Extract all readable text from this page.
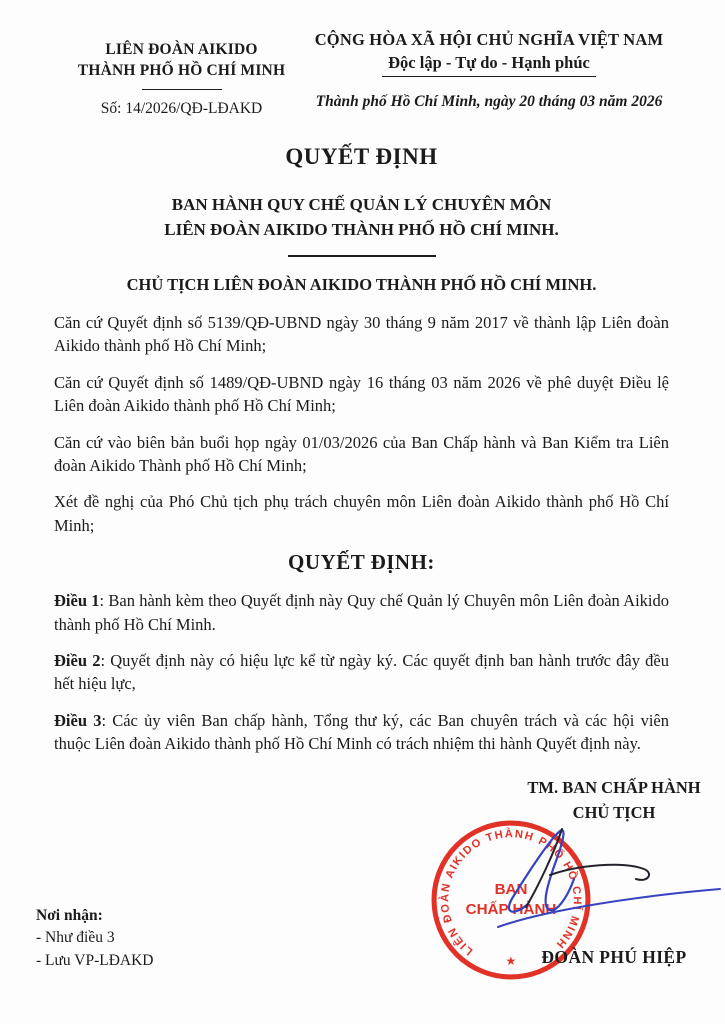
LIÊN ĐOÀN AIKIDO
THÀNH PHỐ HỒ CHÍ MINH
Số: 14/2026/QĐ-LĐAKD
CỘNG HÒA XÃ HỘI CHỦ NGHĨA VIỆT NAM
Độc lập - Tự do - Hạnh phúc
Thành phố Hồ Chí Minh, ngày 20 tháng 03 năm 2026
QUYẾT ĐỊNH
BAN HÀNH QUY CHẾ QUẢN LÝ CHUYÊN MÔN
LIÊN ĐOÀN AIKIDO THÀNH PHỐ HỒ CHÍ MINH.
CHỦ TỊCH LIÊN ĐOÀN AIKIDO THÀNH PHỐ HỒ CHÍ MINH.

Căn cứ Quyết định số 5139/QĐ-UBND ngày 30 tháng 9 năm 2017 về thành lập Liên đoàn Aikido thành phố Hồ Chí Minh;

Căn cứ Quyết định số 1489/QĐ-UBND ngày 16 tháng 03 năm 2026 về phê duyệt Điều lệ Liên đoàn Aikido thành phố Hồ Chí Minh;

Căn cứ vào biên bản buổi họp ngày 01/03/2026 của Ban Chấp hành và Ban Kiểm tra Liên đoàn Aikido Thành phố Hồ Chí Minh;

Xét đề nghị của Phó Chủ tịch phụ trách chuyên môn Liên đoàn Aikido thành phố Hồ Chí Minh;

QUYẾT ĐỊNH:

Điều 1: Ban hành kèm theo Quyết định này Quy chế Quản lý Chuyên môn Liên đoàn Aikido thành phố Hồ Chí Minh.

Điều 2: Quyết định này có hiệu lực kể từ ngày ký. Các quyết định ban hành trước đây đều hết hiệu lực,

Điều 3: Các ủy viên Ban chấp hành, Tổng thư ký, các Ban chuyên trách và các hội viên thuộc Liên đoàn Aikido thành phố Hồ Chí Minh có trách nhiệm thi hành Quyết định này.

TM. BAN CHẤP HÀNH
CHỦ TỊCH
LIÊN ĐOÀN AIKIDO THÀNH PHỐ HỒ CHÍ MINH
BAN
CHẤP HÀNH
★	ĐOÀN PHÚ HIỆP
Nơi nhận:
- Như điều 3
- Lưu VP-LĐAKD
